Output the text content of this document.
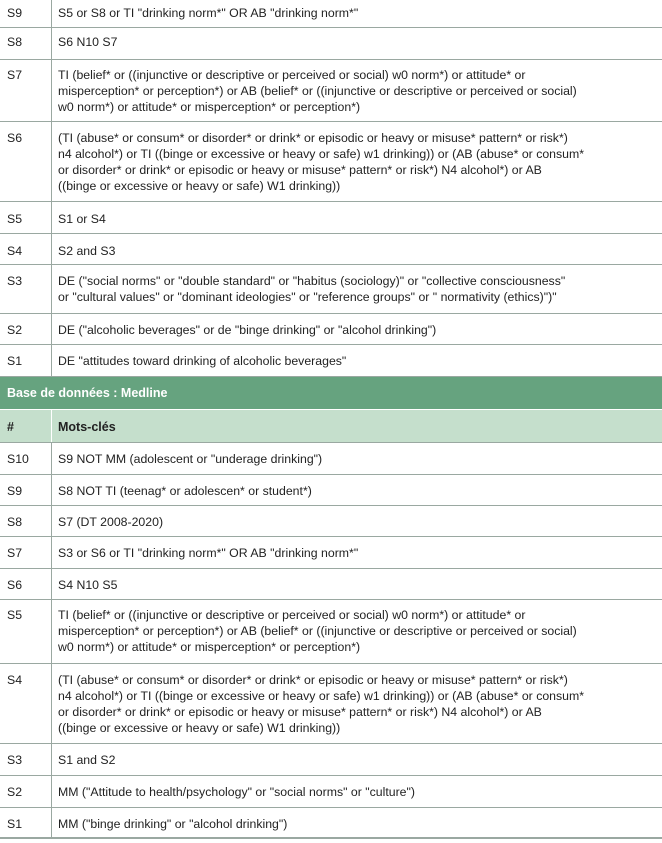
S9	S5 or S8 or TI "drinking norm*" OR AB "drinking norm*"
S8	S6 N10 S7
S7	TI (belief* or ((injunctive or descriptive or perceived or social) w0 norm*) or attitude* or
misperception* or perception*) or AB (belief* or ((injunctive or descriptive or perceived or social)
w0 norm*) or attitude* or misperception* or perception*)
S6	(TI (abuse* or consum* or disorder* or drink* or episodic or heavy or misuse* pattern* or risk*)
n4 alcohol*) or TI ((binge or excessive or heavy or safe) w1 drinking)) or (AB (abuse* or consum*
or disorder* or drink* or episodic or heavy or misuse* pattern* or risk*) N4 alcohol*) or AB
((binge or excessive or heavy or safe) W1 drinking))
S5	S1 or S4
S4	S2 and S3
S3	DE ("social norms" or "double standard" or "habitus (sociology)" or "collective consciousness"
or "cultural values" or "dominant ideologies" or "reference groups" or " normativity (ethics)")"
S2	DE ("alcoholic beverages" or de "binge drinking" or "alcohol drinking")
S1	DE "attitudes toward drinking of alcoholic beverages"
Base de données : Medline
#	Mots-clés
S10	S9 NOT MM (adolescent or "underage drinking")
S9	S8 NOT TI (teenag* or adolescen* or student*)
S8	S7 (DT 2008-2020)
S7	S3 or S6 or TI "drinking norm*" OR AB "drinking norm*"
S6	S4 N10 S5
S5	TI (belief* or ((injunctive or descriptive or perceived or social) w0 norm*) or attitude* or
misperception* or perception*) or AB (belief* or ((injunctive or descriptive or perceived or social)
w0 norm*) or attitude* or misperception* or perception*)
S4	(TI (abuse* or consum* or disorder* or drink* or episodic or heavy or misuse* pattern* or risk*)
n4 alcohol*) or TI ((binge or excessive or heavy or safe) w1 drinking)) or (AB (abuse* or consum*
or disorder* or drink* or episodic or heavy or misuse* pattern* or risk*) N4 alcohol*) or AB
((binge or excessive or heavy or safe) W1 drinking))
S3	S1 and S2
S2	MM ("Attitude to health/psychology" or "social norms" or "culture")
S1	MM ("binge drinking" or "alcohol drinking")
